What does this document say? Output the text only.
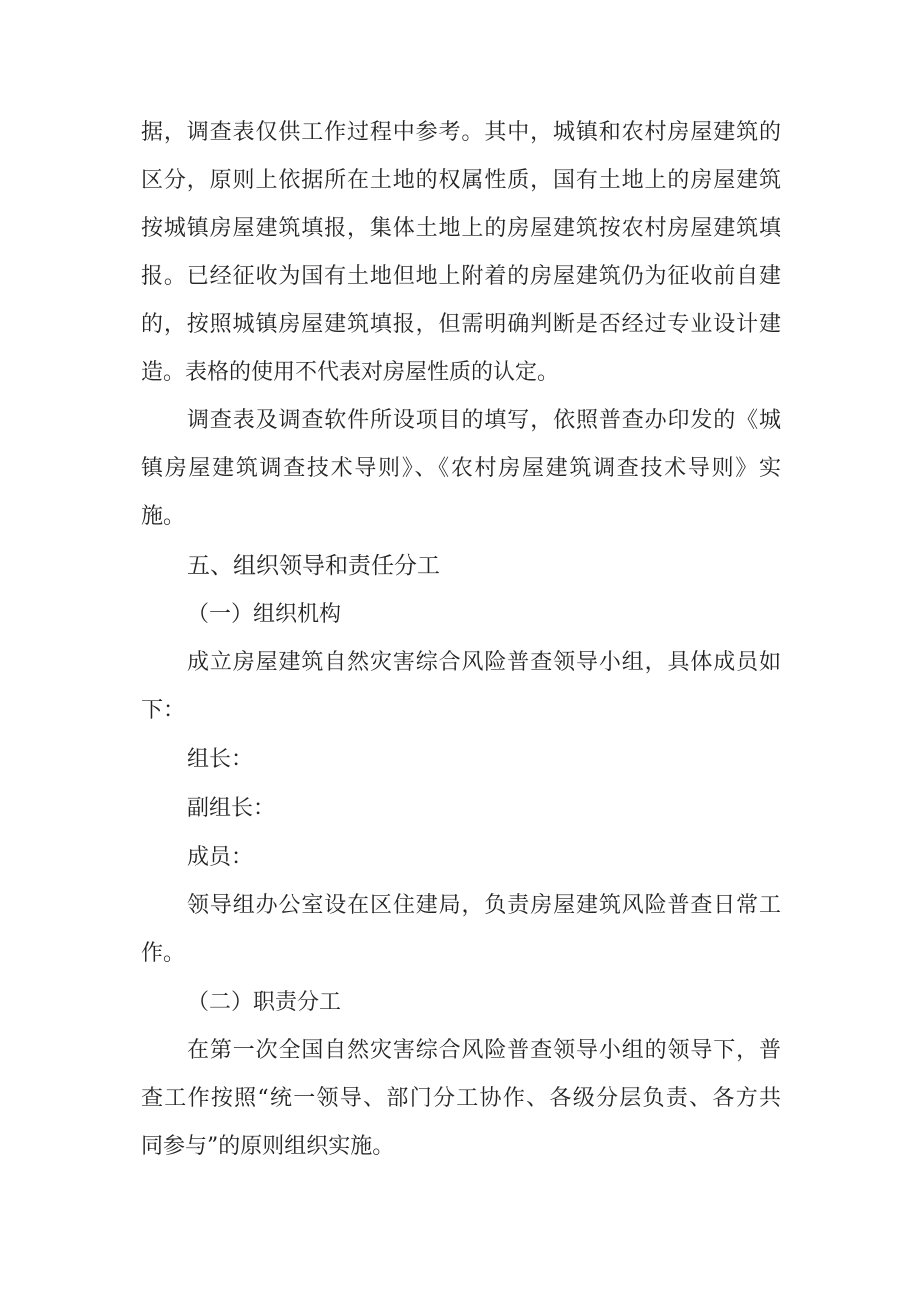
据，调查表仅供工作过程中参考。其中，城镇和农村房屋建筑的
区分，原则上依据所在土地的权属性质，国有土地上的房屋建筑
按城镇房屋建筑填报，集体土地上的房屋建筑按农村房屋建筑填
报。已经征收为国有土地但地上附着的房屋建筑仍为征收前自建
的，按照城镇房屋建筑填报，但需明确判断是否经过专业设计建
造。表格的使用不代表对房屋性质的认定。
调查表及调查软件所设项目的填写，依照普查办印发的《城
镇房屋建筑调查技术导则》、《农村房屋建筑调查技术导则》实
施。
五、组织领导和责任分工
（一）组织机构
成立房屋建筑自然灾害综合风险普查领导小组，具体成员如
下：
组长：
副组长：
成员：
领导组办公室设在区住建局，负责房屋建筑风险普查日常工
作。
（二）职责分工
在第一次全国自然灾害综合风险普查领导小组的领导下，普
查工作按照“统一领导、部门分工协作、各级分层负责、各方共
同参与”的原则组织实施。
